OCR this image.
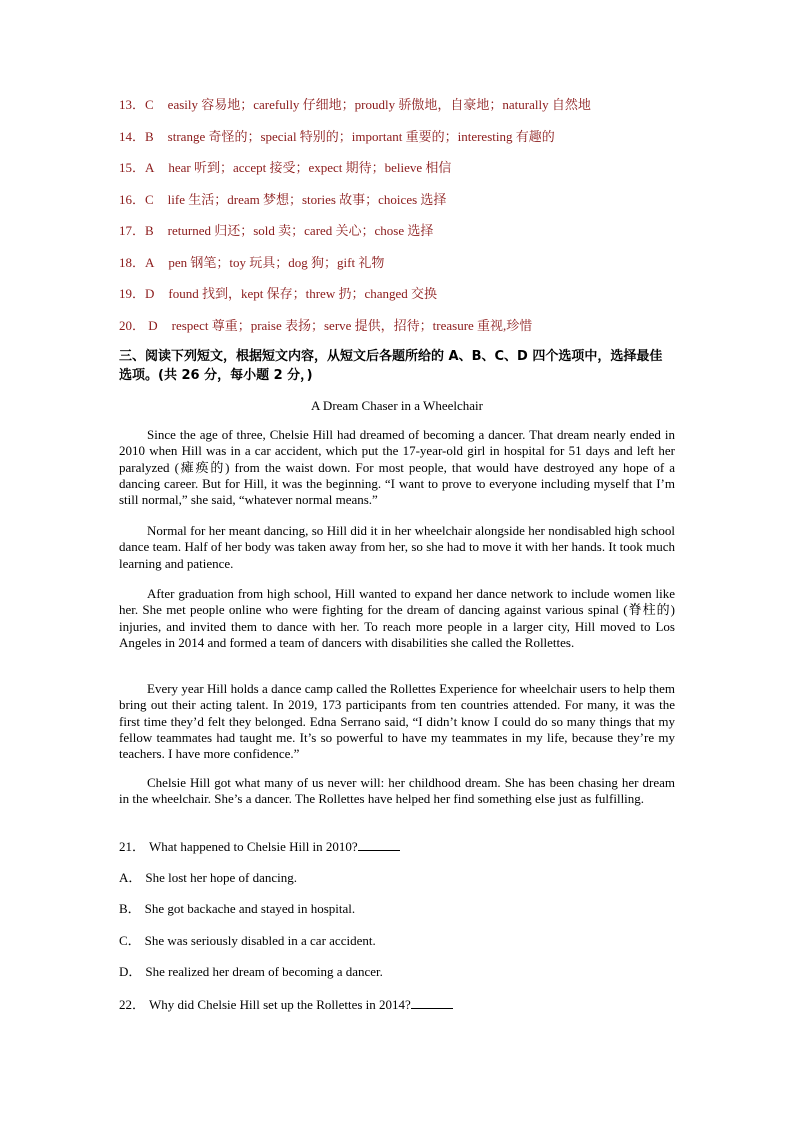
13．C easily 容易地；carefully 仔细地；proudly 骄傲地，自豪地；naturally 自然地
14．B strange 奇怪的；special 特别的；important 重要的；interesting 有趣的
15．A hear 听到；accept 接受；expect 期待；believe 相信
16．C life 生活；dream 梦想；stories 故事；choices 选择
17．B returned 归还；sold 卖；cared 关心；chose 选择
18．A pen 钢笔；toy 玩具；dog 狗；gift 礼物
19．D found 找到，kept 保存；threw 扔；changed 交换
20． D respect 尊重；praise 表扬；serve 提供，招待；treasure 重视,珍惜
三、阅读下列短文，根据短文内容，从短文后各题所给的 A、B、C、D 四个选项中，选择最佳选项。(共 26 分，每小题 2 分，)
A Dream Chaser in a Wheelchair

Since the age of three, Chelsie Hill had dreamed of becoming a dancer. That dream nearly ended in 2010 when Hill was in a car accident, which put the 17-year-old girl in hospital for 51 days and left her paralyzed (瘫痪的) from the waist down. For most people, that would have destroyed any hope of a dancing career. But for Hill, it was the beginning. “I want to prove to everyone including myself that I’m still normal,” she said, “whatever normal means.”

Normal for her meant dancing, so Hill did it in her wheelchair alongside her nondisabled high school dance team. Half of her body was taken away from her, so she had to move it with her hands. It took much learning and patience.

After graduation from high school, Hill wanted to expand her dance network to include women like her. She met people online who were fighting for the dream of dancing against various spinal (脊柱的) injuries, and invited them to dance with her. To reach more people in a larger city, Hill moved to Los Angeles in 2014 and formed a team of dancers with disabilities she called the Rollettes.

Every year Hill holds a dance camp called the Rollettes Experience for wheelchair users to help them bring out their acting talent. In 2019, 173 participants from ten countries attended. For many, it was the first time they’d felt they belonged. Edna Serrano said, “I didn’t know I could do so many things that my fellow teammates had taught me. It’s so powerful to have my teammates in my life, because they’re my teachers. I have more confidence.”

Chelsie Hill got what many of us never will: her childhood dream. She has been chasing her dream in the wheelchair. She’s a dancer. The Rollettes have helped her find something else just as fulfilling.

21． What happened to Chelsie Hill in 2010?
A． She lost her hope of dancing.
B． She got backache and stayed in hospital.
C． She was seriously disabled in a car accident.
D． She realized her dream of becoming a dancer.
22． Why did Chelsie Hill set up the Rollettes in 2014?
